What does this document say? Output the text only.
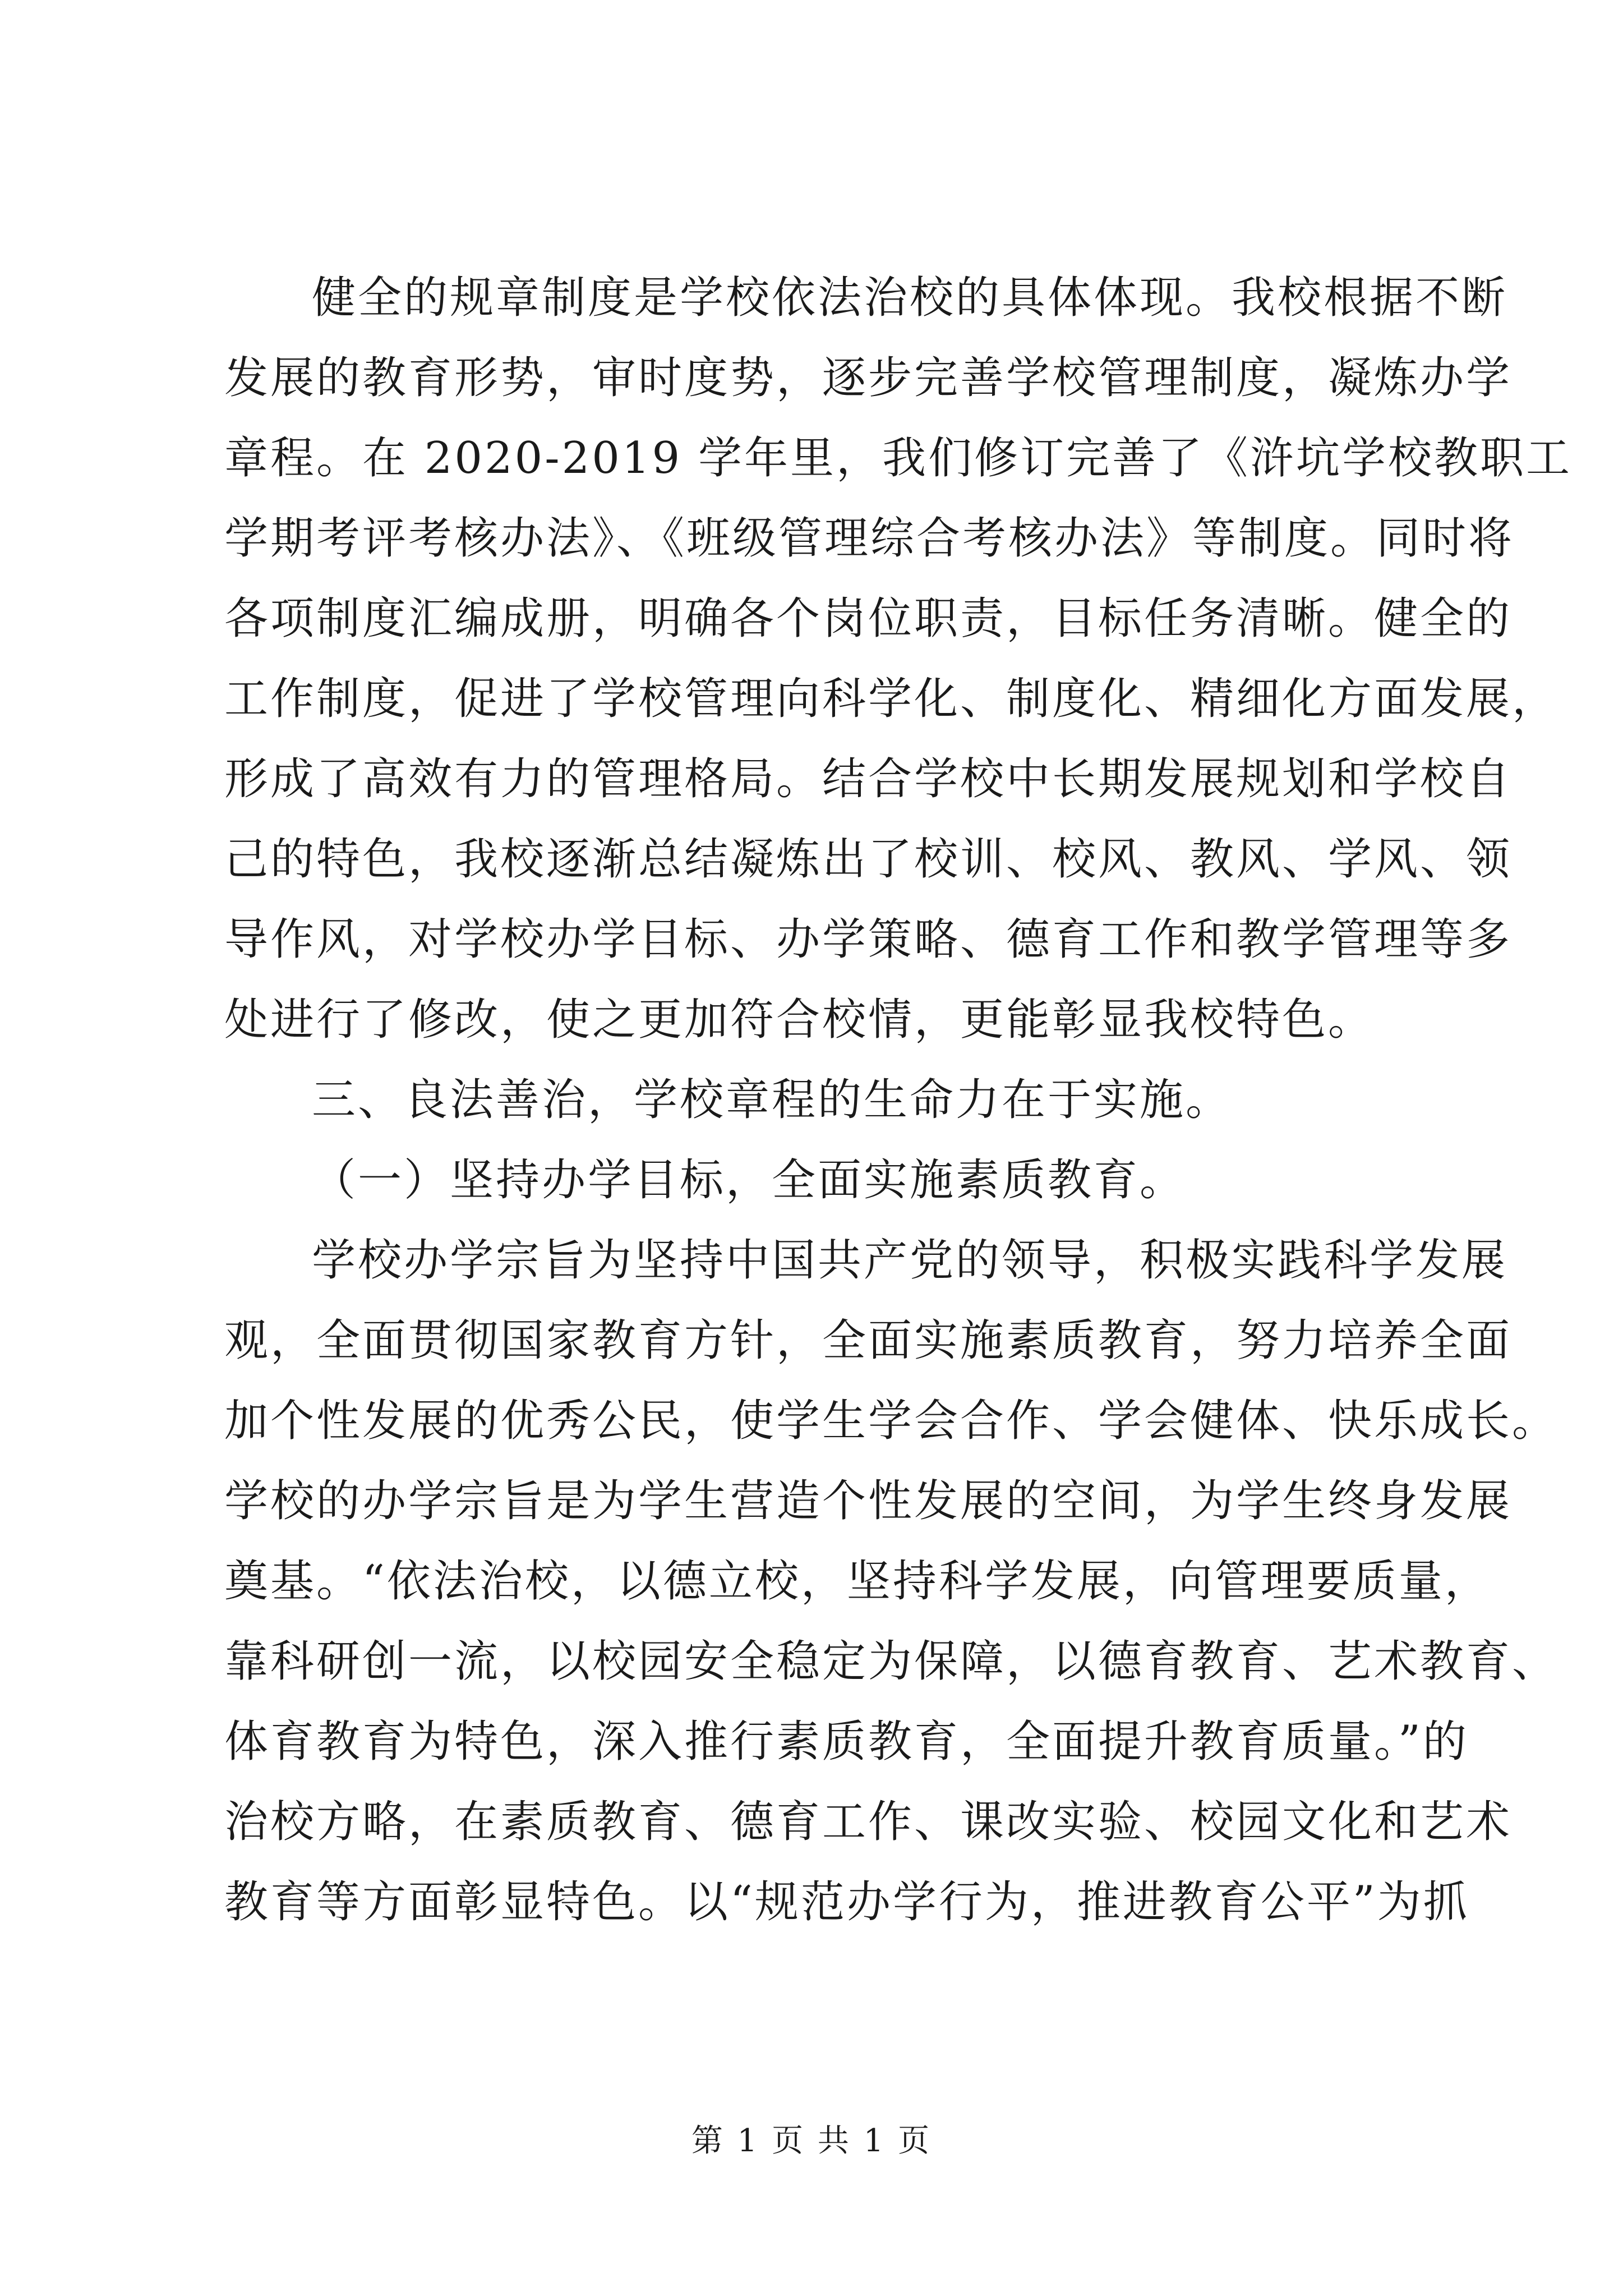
健全的规章制度是学校依法治校的具体体现。我校根据不断
发展的教育形势，审时度势，逐步完善学校管理制度，凝炼办学
章程。在 2020-2019 学年里，我们修订完善了《浒坑学校教职工
学期考评考核办法》、《班级管理综合考核办法》等制度。同时将
各项制度汇编成册，明确各个岗位职责，目标任务清晰。健全的
工作制度，促进了学校管理向科学化、制度化、精细化方面发展，
形成了高效有力的管理格局。结合学校中长期发展规划和学校自
己的特色，我校逐渐总结凝炼出了校训、校风、教风、学风、领
导作风，对学校办学目标、办学策略、德育工作和教学管理等多
处进行了修改，使之更加符合校情，更能彰显我校特色。
三、良法善治，学校章程的生命力在于实施。
（一）坚持办学目标，全面实施素质教育。
学校办学宗旨为坚持中国共产党的领导，积极实践科学发展
观，全面贯彻国家教育方针，全面实施素质教育，努力培养全面
加个性发展的优秀公民，使学生学会合作、学会健体、快乐成长。
学校的办学宗旨是为学生营造个性发展的空间，为学生终身发展
奠基。“依法治校，以德立校，坚持科学发展，向管理要质量，
靠科研创一流，以校园安全稳定为保障，以德育教育、艺术教育、
体育教育为特色，深入推行素质教育，全面提升教育质量。”的
治校方略，在素质教育、德育工作、课改实验、校园文化和艺术
教育等方面彰显特色。以“规范办学行为，推进教育公平”为抓
第 1 页 共 1 页
